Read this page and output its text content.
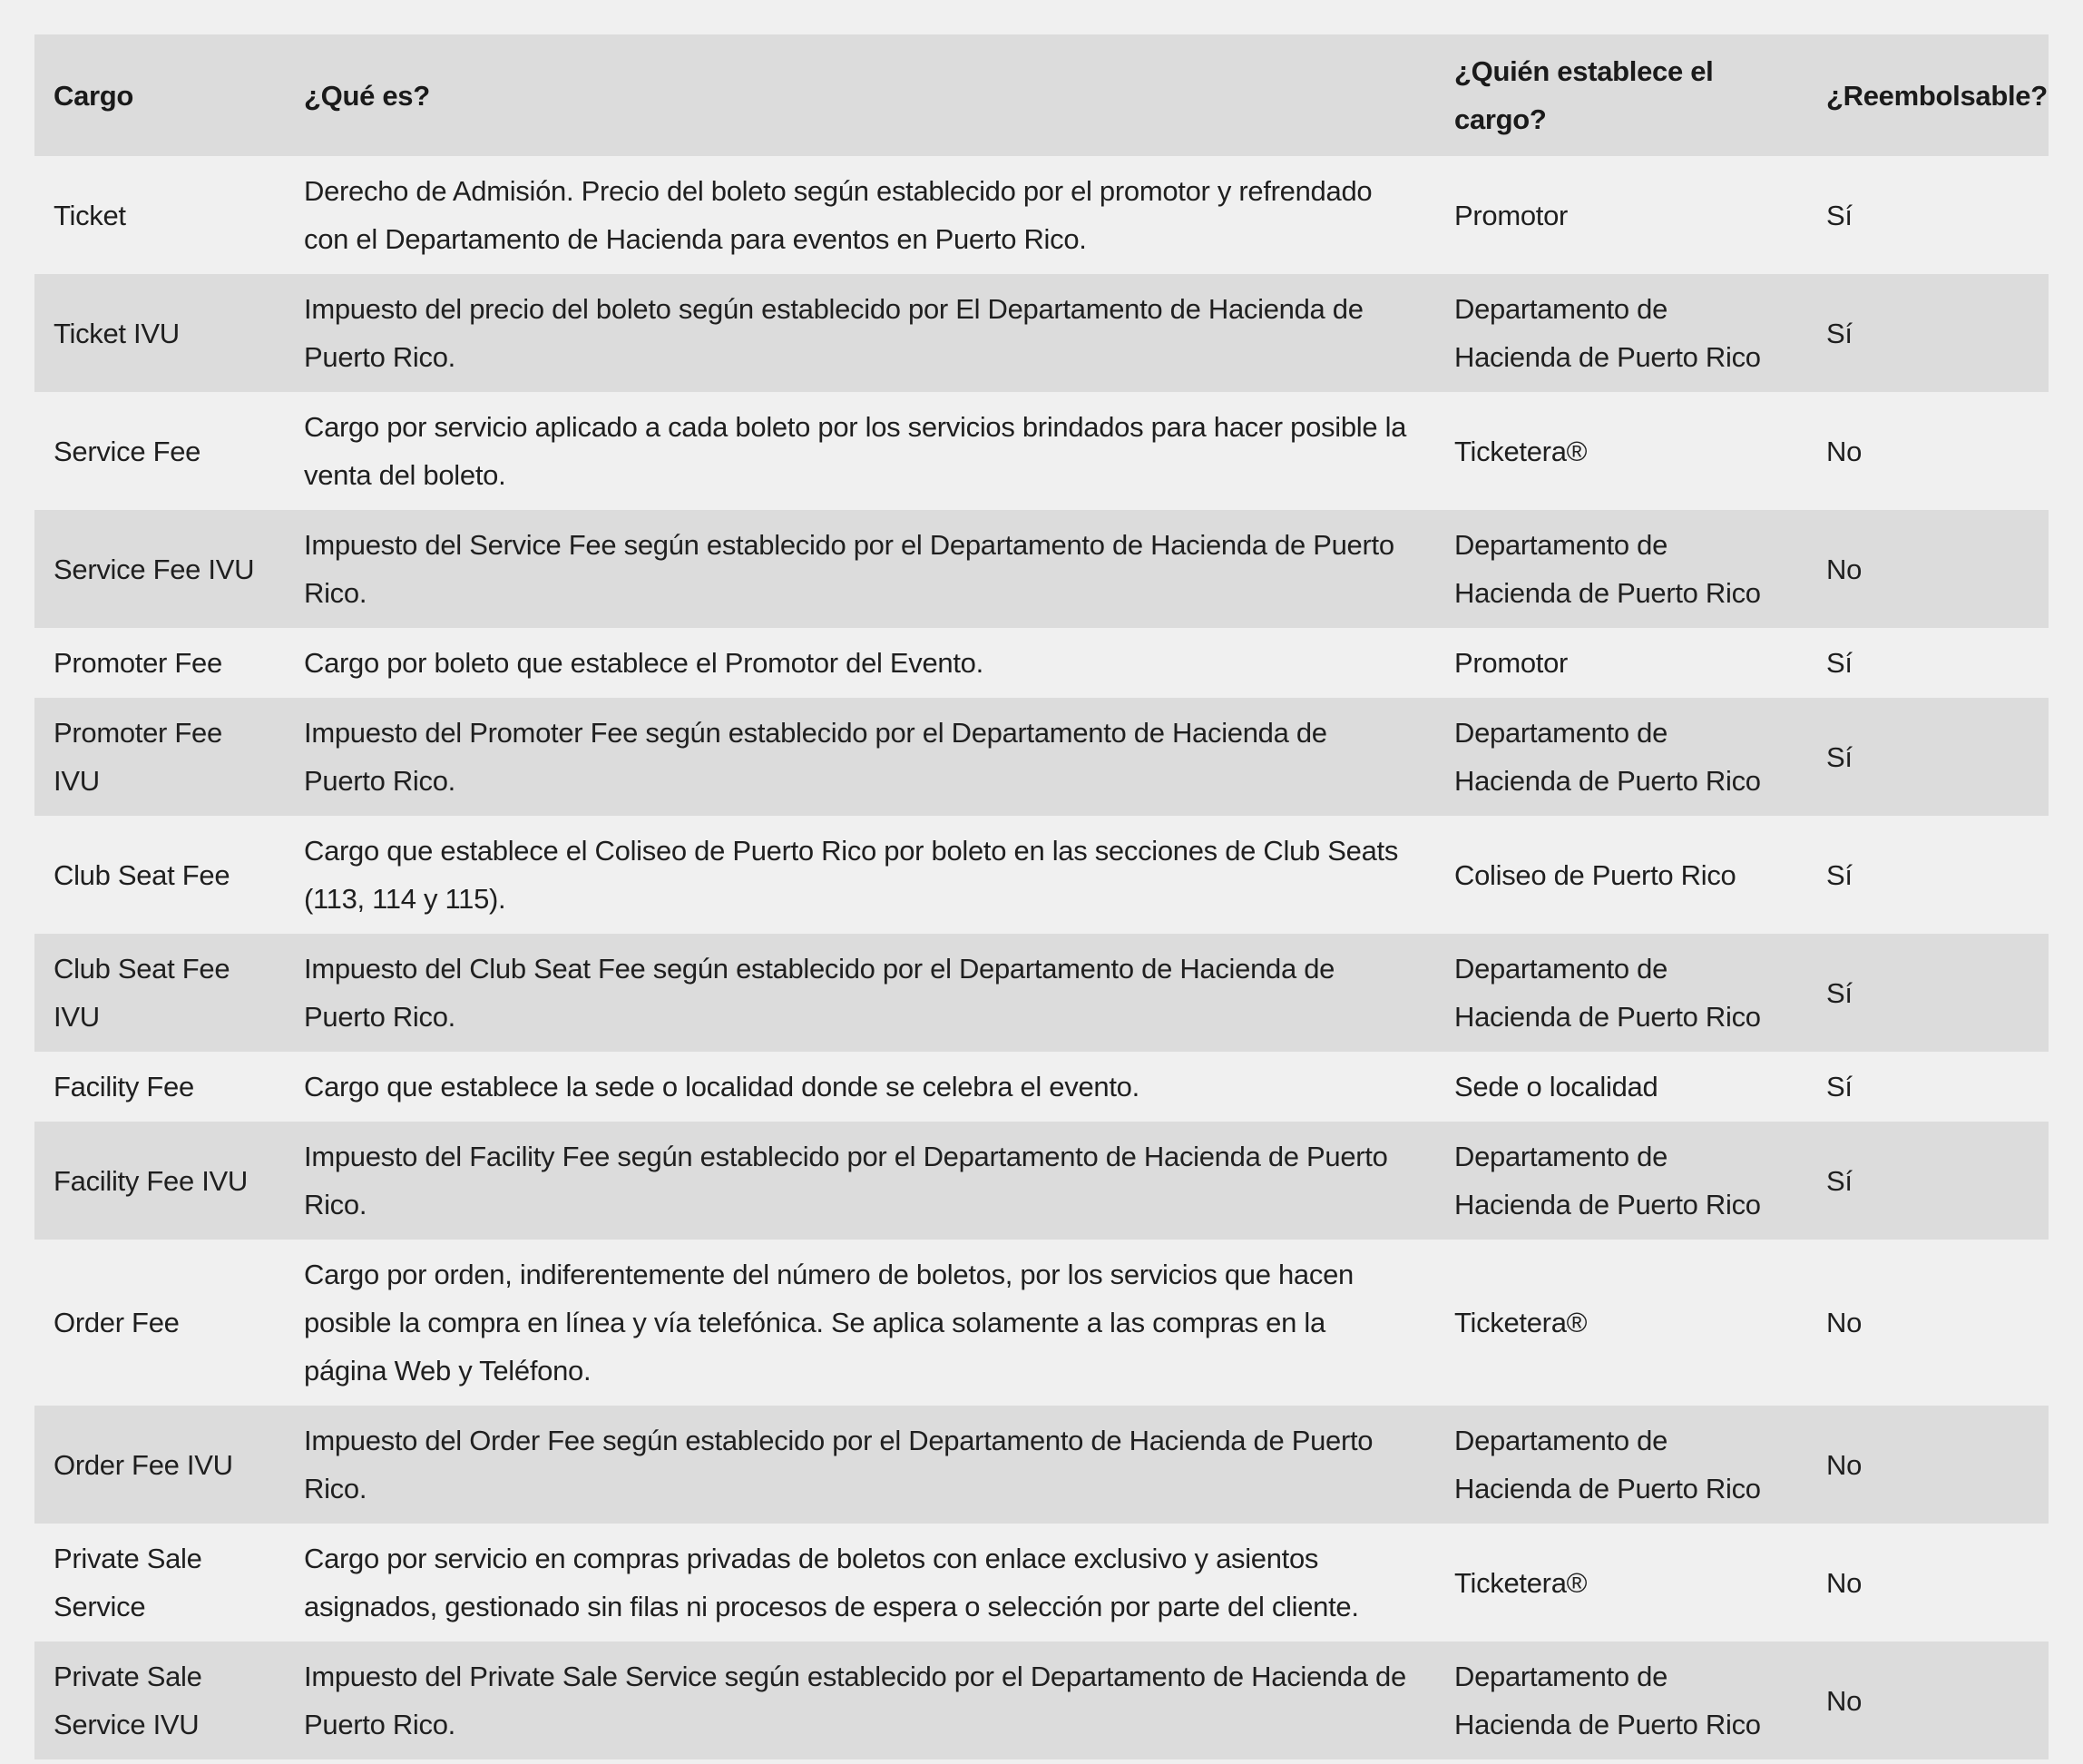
Cargo	¿Qué es?	¿Quién establece el cargo?	¿Reembolsable?
Ticket	Derecho de Admisión. Precio del boleto según establecido por el promotor y refrendado con el Departamento de Hacienda para eventos en Puerto Rico.	Promotor	Sí
Ticket IVU	Impuesto del precio del boleto según establecido por El Departamento de Hacienda de Puerto Rico.	Departamento de Hacienda de Puerto Rico	Sí
Service Fee	Cargo por servicio aplicado a cada boleto por los servicios brindados para hacer posible la venta del boleto.	Ticketera®	No
Service Fee IVU	Impuesto del Service Fee según establecido por el Departamento de Hacienda de Puerto Rico.	Departamento de Hacienda de Puerto Rico	No
Promoter Fee	Cargo por boleto que establece el Promotor del Evento.	Promotor	Sí
Promoter Fee IVU	Impuesto del Promoter Fee según establecido por el Departamento de Hacienda de Puerto Rico.	Departamento de Hacienda de Puerto Rico	Sí
Club Seat Fee	Cargo que establece el Coliseo de Puerto Rico por boleto en las secciones de Club Seats (113, 114 y 115).	Coliseo de Puerto Rico	Sí
Club Seat Fee IVU	Impuesto del Club Seat Fee según establecido por el Departamento de Hacienda de Puerto Rico.	Departamento de Hacienda de Puerto Rico	Sí
Facility Fee	Cargo que establece la sede o localidad donde se celebra el evento.	Sede o localidad	Sí
Facility Fee IVU	Impuesto del Facility Fee según establecido por el Departamento de Hacienda de Puerto Rico.	Departamento de Hacienda de Puerto Rico	Sí
Order Fee	Cargo por orden, indiferentemente del número de boletos, por los servicios que hacen posible la compra en línea y vía telefónica. Se aplica solamente a las compras en la página Web y Teléfono.	Ticketera®	No
Order Fee IVU	Impuesto del Order Fee según establecido por el Departamento de Hacienda de Puerto Rico.	Departamento de Hacienda de Puerto Rico	No
Private Sale Service	Cargo por servicio en compras privadas de boletos con enlace exclusivo y asientos asignados, gestionado sin filas ni procesos de espera o selección por parte del cliente.	Ticketera®	No
Private Sale Service IVU	Impuesto del Private Sale Service según establecido por el Departamento de Hacienda de Puerto Rico.	Departamento de Hacienda de Puerto Rico	No
